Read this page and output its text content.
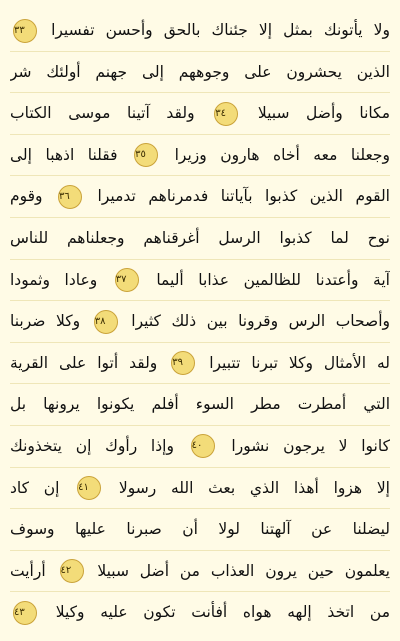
ولا يأتونك بمثل إلا جئناك بالحق وأحسن تفسيرا ٣٣
الذين يحشرون على وجوههم إلى جهنم أولئك شر
مكانا وأضل سبيلا ٣٤ ولقد آتينا موسى الكتاب
وجعلنا معه أخاه هارون وزيرا ٣٥ فقلنا اذهبا إلى
القوم الذين كذبوا بآياتنا فدمرناهم تدميرا ٣٦ وقوم
نوح لما كذبوا الرسل أغرقناهم وجعلناهم للناس
آية وأعتدنا للظالمين عذابا أليما ٣٧ وعادا وثمودا
وأصحاب الرس وقرونا بين ذلك كثيرا ٣٨ وكلا ضربنا
له الأمثال وكلا تبرنا تتبيرا ٣٩ ولقد أتوا على القرية
التي أمطرت مطر السوء أفلم يكونوا يرونها بل
كانوا لا يرجون نشورا ٤٠ وإذا رأوك إن يتخذونك
إلا هزوا أهذا الذي بعث الله رسولا ٤١ إن كاد
ليضلنا عن آلهتنا لولا أن صبرنا عليها وسوف
يعلمون حين يرون العذاب من أضل سبيلا ٤٢ أرأيت
من اتخذ إلهه هواه أفأنت تكون عليه وكيلا ٤٣
